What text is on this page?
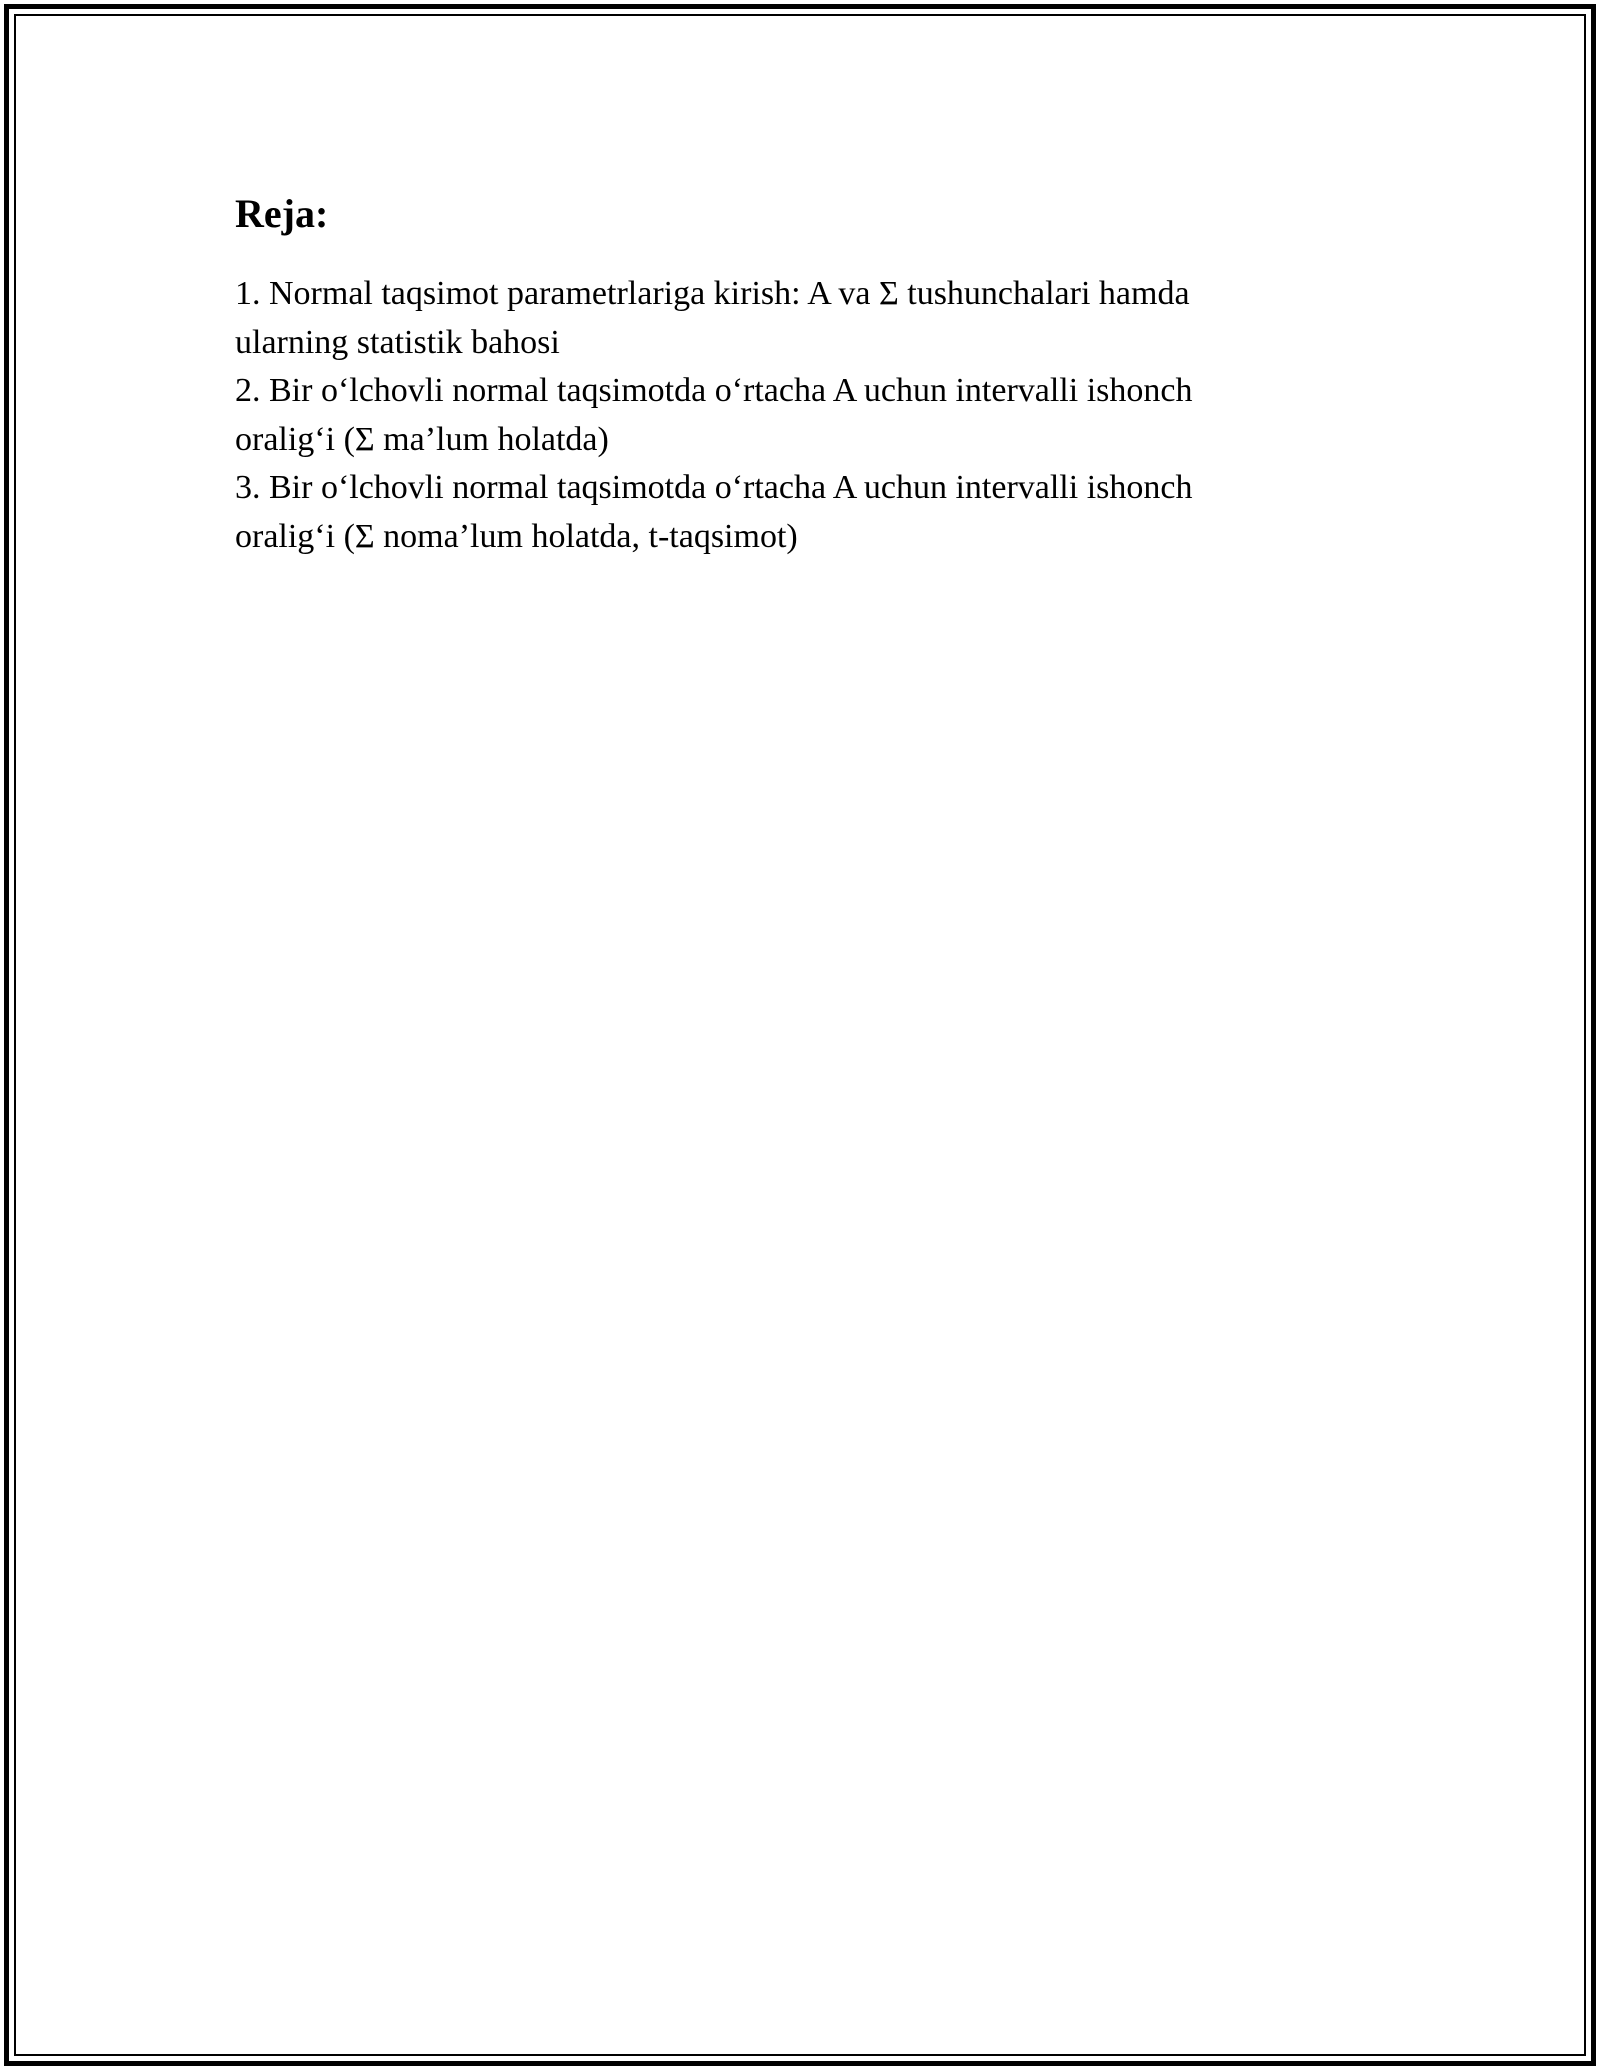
Reja:
1. Normal taqsimot parametrlariga kirish: A va Σ tushunchalari hamda ularning statistik bahosi
2. Bir o‘lchovli normal taqsimotda o‘rtacha A uchun intervalli ishonch oralig‘i (Σ ma’lum holatda)
3. Bir o‘lchovli normal taqsimotda o‘rtacha A uchun intervalli ishonch oralig‘i (Σ noma’lum holatda, t-taqsimot)
